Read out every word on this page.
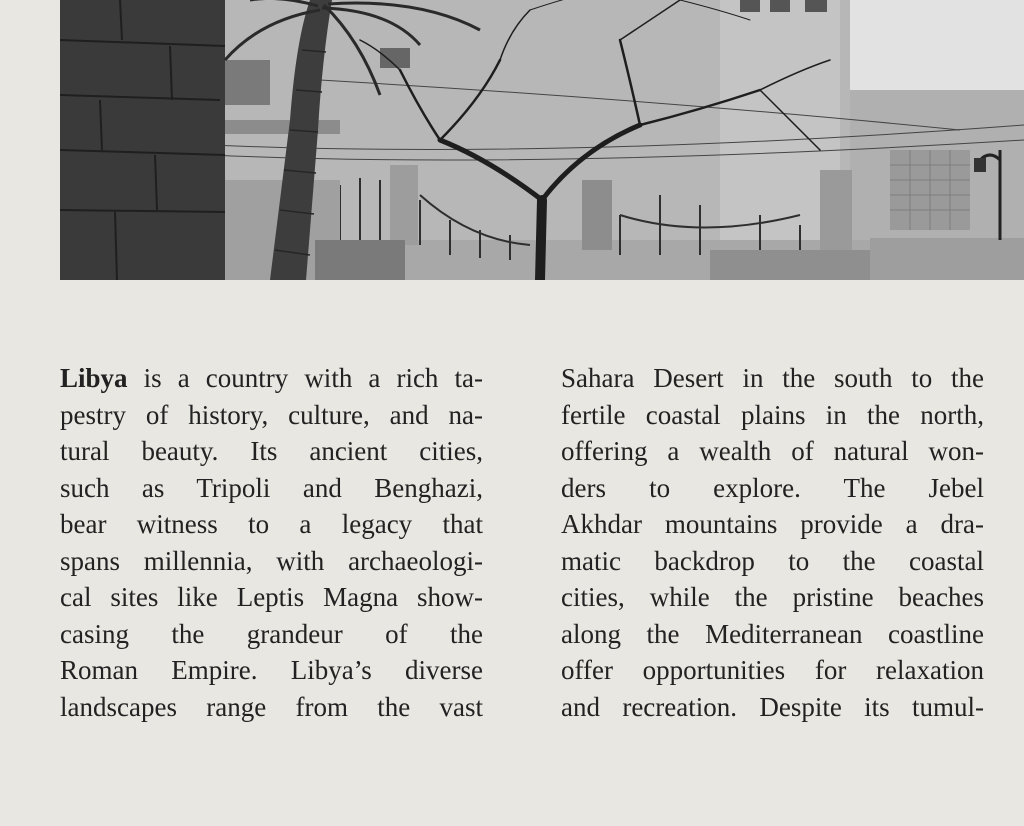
Libya is a country with a rich ta-
pestry of history, culture, and na-
tural beauty. Its ancient cities,
such as Tripoli and Benghazi,
bear witness to a legacy that
spans millennia, with archaeologi-
cal sites like Leptis Magna show-
casing the grandeur of the
Roman Empire. Libya’s diverse
landscapes range from the vast
Sahara Desert in the south to the
fertile coastal plains in the north,
offering a wealth of natural won-
ders to explore. The Jebel
Akhdar mountains provide a dra-
matic backdrop to the coastal
cities, while the pristine beaches
along the Mediterranean coastline
offer opportunities for relaxation
and recreation. Despite its tumul-
